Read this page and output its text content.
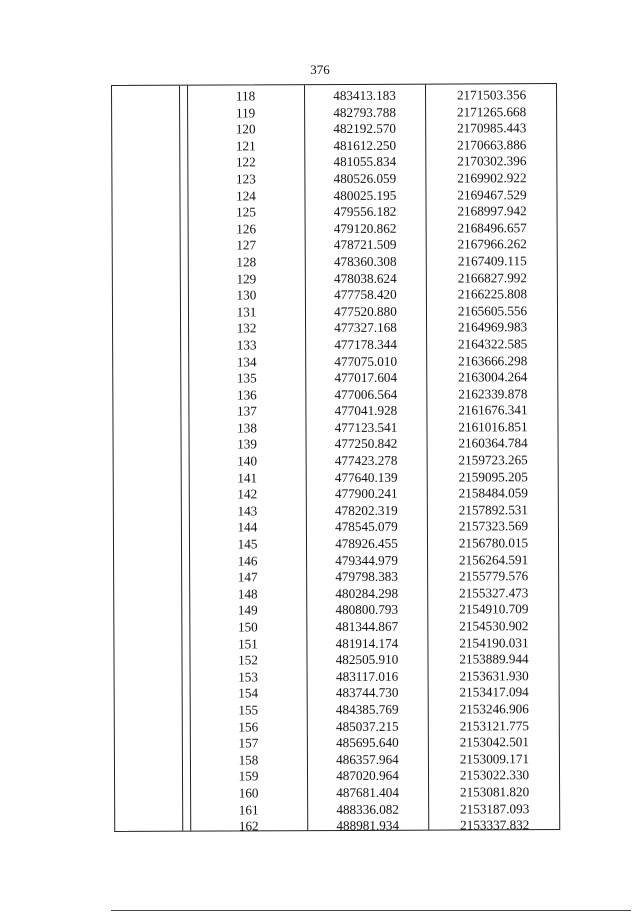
376
118	483413.183	2171503.356
119	482793.788	2171265.668
120	482192.570	2170985.443
121	481612.250	2170663.886
122	481055.834	2170302.396
123	480526.059	2169902.922
124	480025.195	2169467.529
125	479556.182	2168997.942
126	479120.862	2168496.657
127	478721.509	2167966.262
128	478360.308	2167409.115
129	478038.624	2166827.992
130	477758.420	2166225.808
131	477520.880	2165605.556
132	477327.168	2164969.983
133	477178.344	2164322.585
134	477075.010	2163666.298
135	477017.604	2163004.264
136	477006.564	2162339.878
137	477041.928	2161676.341
138	477123.541	2161016.851
139	477250.842	2160364.784
140	477423.278	2159723.265
141	477640.139	2159095.205
142	477900.241	2158484.059
143	478202.319	2157892.531
144	478545.079	2157323.569
145	478926.455	2156780.015
146	479344.979	2156264.591
147	479798.383	2155779.576
148	480284.298	2155327.473
149	480800.793	2154910.709
150	481344.867	2154530.902
151	481914.174	2154190.031
152	482505.910	2153889.944
153	483117.016	2153631.930
154	483744.730	2153417.094
155	484385.769	2153246.906
156	485037.215	2153121.775
157	485695.640	2153042.501
158	486357.964	2153009.171
159	487020.964	2153022.330
160	487681.404	2153081.820
161	488336.082	2153187.093
162	488981.934	2153337.832
